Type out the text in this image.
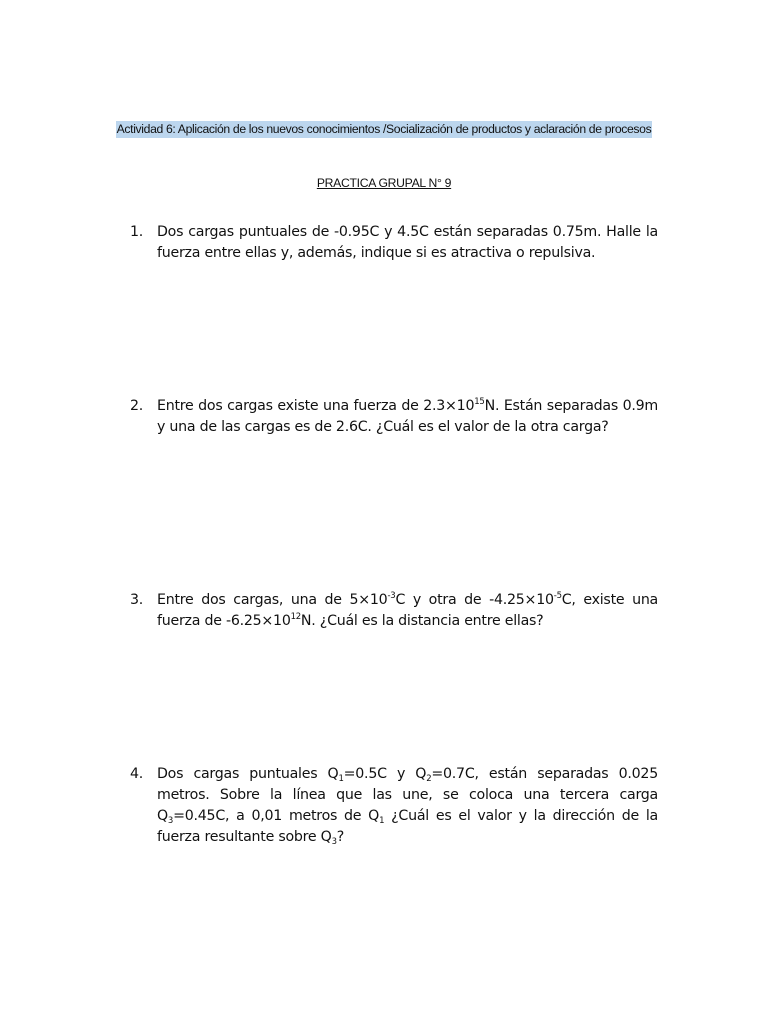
Actividad 6: Aplicación de los nuevos conocimientos /Socialización de productos y aclaración de procesos
PRACTICA GRUPAL N° 9
1. Dos cargas puntuales de -0.95C y 4.5C están separadas 0.75m. Halle la fuerza entre ellas y, además, indique si es atractiva o repulsiva.
2. Entre dos cargas existe una fuerza de $2.3\times 10^{15}N$. Están separadas 0.9m y una de las cargas es de 2.6C. ¿Cuál es el valor de la otra carga?
3. Entre dos cargas, una de $5\times 10^{-3}C$ y otra de $-4.25\times 10^{-5}C$, existe una fuerza de $-6.25\times 10^{12}N$. ¿Cuál es la distancia entre ellas?
4. Dos cargas puntuales $Q_1=0.5C$ y $Q_2=0.7C$, están separadas 0.025 metros. Sobre la línea que las une, se coloca una tercera carga $Q_3=0.45C$, a 0,01 metros de $Q_1$ ¿Cuál es el valor y la dirección de la fuerza resultante sobre $Q_3$?
